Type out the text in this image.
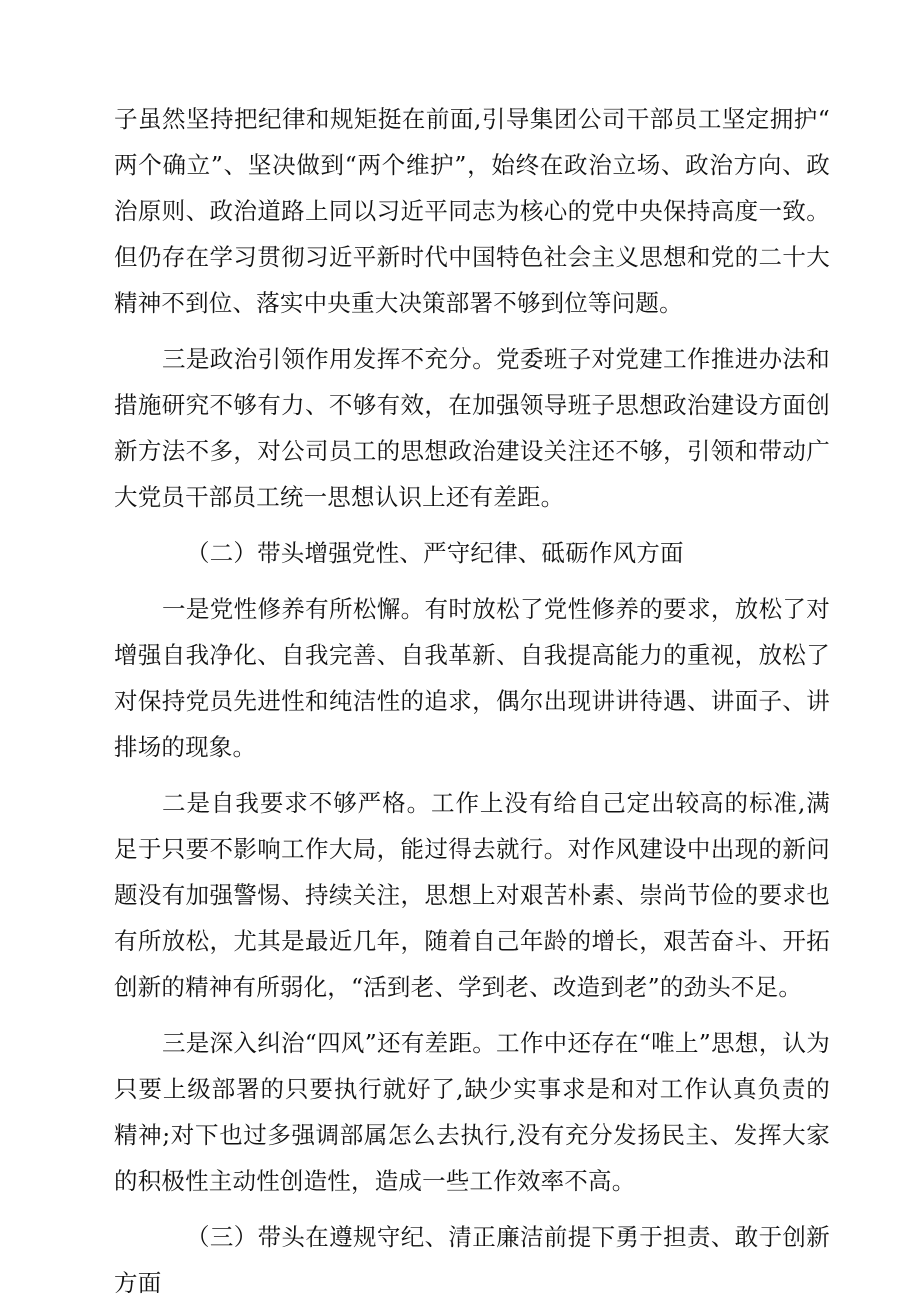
子虽然坚持把纪律和规矩挺在前面,引导集团公司干部员工坚定拥护“两个确立”、坚决做到“两个维护”，始终在政治立场、政治方向、政治原则、政治道路上同以习近平同志为核心的党中央保持高度一致。但仍存在学习贯彻习近平新时代中国特色社会主义思想和党的二十大精神不到位、落实中央重大决策部署不够到位等问题。

三是政治引领作用发挥不充分。党委班子对党建工作推进办法和措施研究不够有力、不够有效，在加强领导班子思想政治建设方面创新方法不多，对公司员工的思想政治建设关注还不够，引领和带动广大党员干部员工统一思想认识上还有差距。

（二）带头增强党性、严守纪律、砥砺作风方面

一是党性修养有所松懈。有时放松了党性修养的要求，放松了对增强自我净化、自我完善、自我革新、自我提高能力的重视，放松了对保持党员先进性和纯洁性的追求，偶尔出现讲讲待遇、讲面子、讲排场的现象。

二是自我要求不够严格。工作上没有给自己定出较高的标准,满足于只要不影响工作大局，能过得去就行。对作风建设中出现的新问题没有加强警惕、持续关注，思想上对艰苦朴素、崇尚节俭的要求也有所放松，尤其是最近几年，随着自己年龄的增长，艰苦奋斗、开拓创新的精神有所弱化，“活到老、学到老、改造到老”的劲头不足。

三是深入纠治“四风”还有差距。工作中还存在“唯上”思想，认为只要上级部署的只要执行就好了,缺少实事求是和对工作认真负责的精神;对下也过多强调部属怎么去执行,没有充分发扬民主、发挥大家的积极性主动性创造性，造成一些工作效率不高。

（三）带头在遵规守纪、清正廉洁前提下勇于担责、敢于创新方面
